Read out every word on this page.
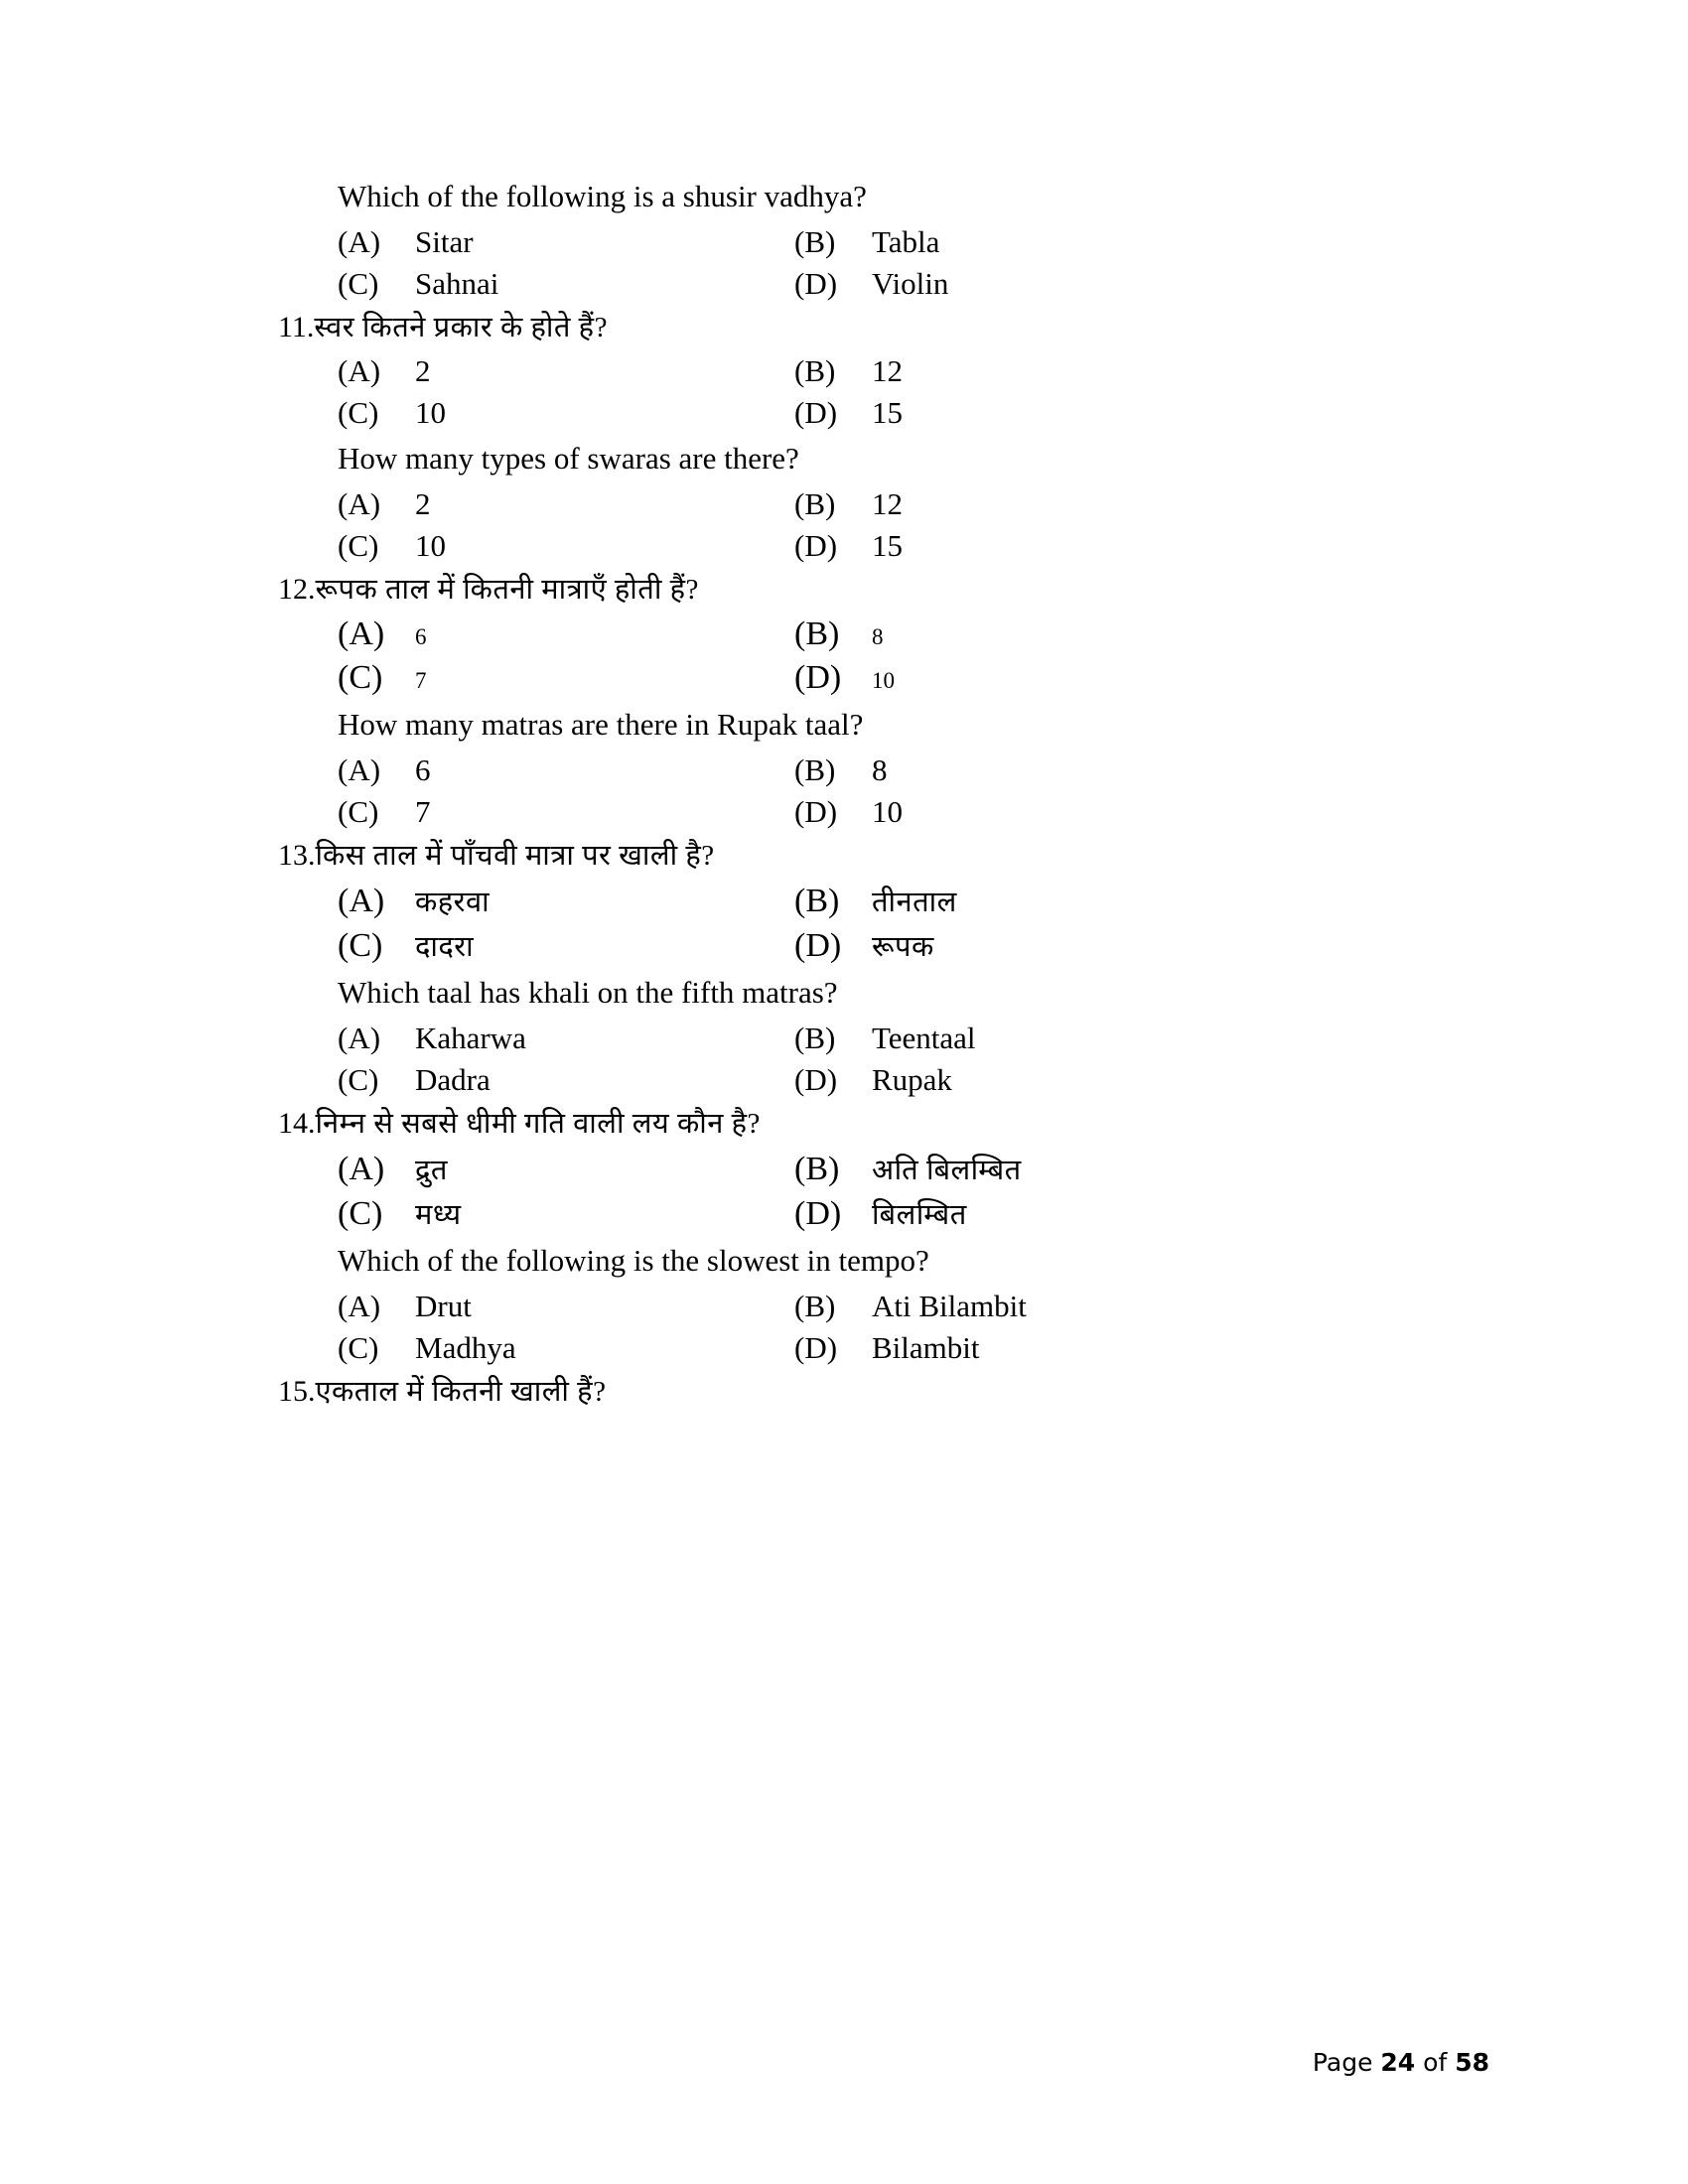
Which of the following is a shusir vadhya?
(A)	Sitar	(B)	Tabla
(C)	Sahnai	(D)	Violin
11. स्वर कितने प्रकार के होते हैं?
(A)	2	(B)	12
(C)	10	(D)	15
How many types of swaras are there?
(A)	2	(B)	12
(C)	10	(D)	15
12. रूपक ताल में कितनी मात्राएँ होती हैं?
(A)	6	(B)	8
(C)	7	(D)	10
How many matras are there in Rupak taal?
(A)	6	(B)	8
(C)	7	(D)	10
13. किस ताल में पाँचवी मात्रा पर खाली है?
(A)	कहरवा	(B)	तीनताल
(C)	दादरा	(D)	रूपक
Which taal has khali on the fifth matras?
(A)	Kaharwa	(B)	Teentaal
(C)	Dadra	(D)	Rupak
14. निम्न से सबसे धीमी गति वाली लय कौन है?
(A)	द्रुत	(B)	अति बिलम्बित
(C)	मध्य	(D)	बिलम्बित
Which of the following is the slowest in tempo?
(A)	Drut	(B)	Ati Bilambit
(C)	Madhya	(D)	Bilambit
15. एकताल में कितनी खाली हैं?
Page 24 of 58
